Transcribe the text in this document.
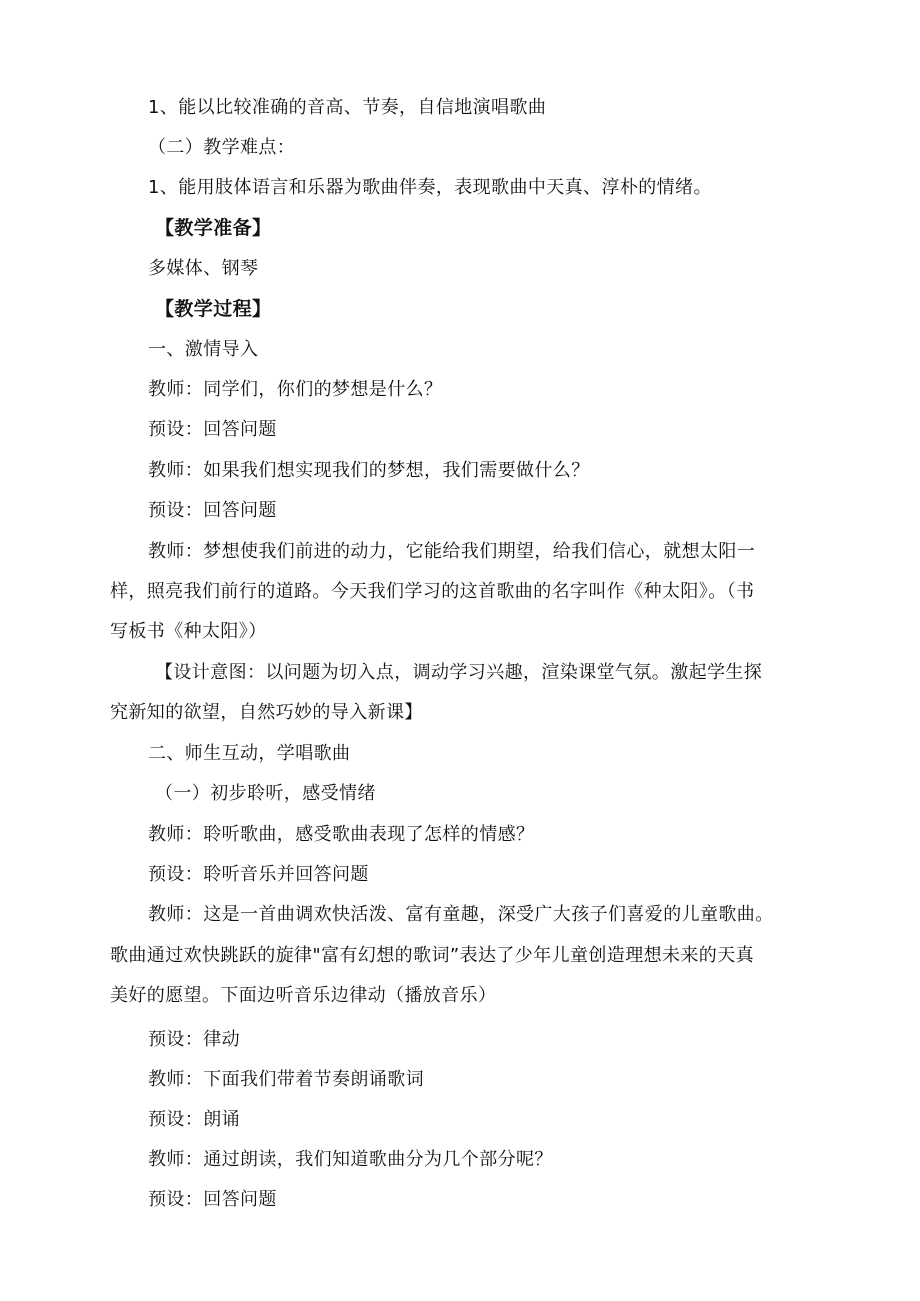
1、能以比较准确的音高、节奏，自信地演唱歌曲
（二）教学难点：
1、能用肢体语言和乐器为歌曲伴奏，表现歌曲中天真、淳朴的情绪。
【教学准备】
多媒体、钢琴
【教学过程】
一、激情导入
教师：同学们，你们的梦想是什么？
预设：回答问题
教师：如果我们想实现我们的梦想，我们需要做什么？
预设：回答问题
教师：梦想使我们前进的动力，它能给我们期望，给我们信心，就想太阳一
样，照亮我们前行的道路。今天我们学习的这首歌曲的名字叫作《种太阳》。（书
写板书《种太阳》）
【设计意图：以问题为切入点，调动学习兴趣，渲染课堂气氛。激起学生探
究新知的欲望，自然巧妙的导入新课】
二、师生互动，学唱歌曲
（一）初步聆听，感受情绪
教师：聆听歌曲，感受歌曲表现了怎样的情感？
预设：聆听音乐并回答问题
教师：这是一首曲调欢快活泼、富有童趣，深受广大孩子们喜爱的儿童歌曲。
歌曲通过欢快跳跃的旋律"富有幻想的歌词”表达了少年儿童创造理想未来的天真
美好的愿望。下面边听音乐边律动（播放音乐）
预设：律动
教师：下面我们带着节奏朗诵歌词
预设：朗诵
教师：通过朗读，我们知道歌曲分为几个部分呢？
预设：回答问题
